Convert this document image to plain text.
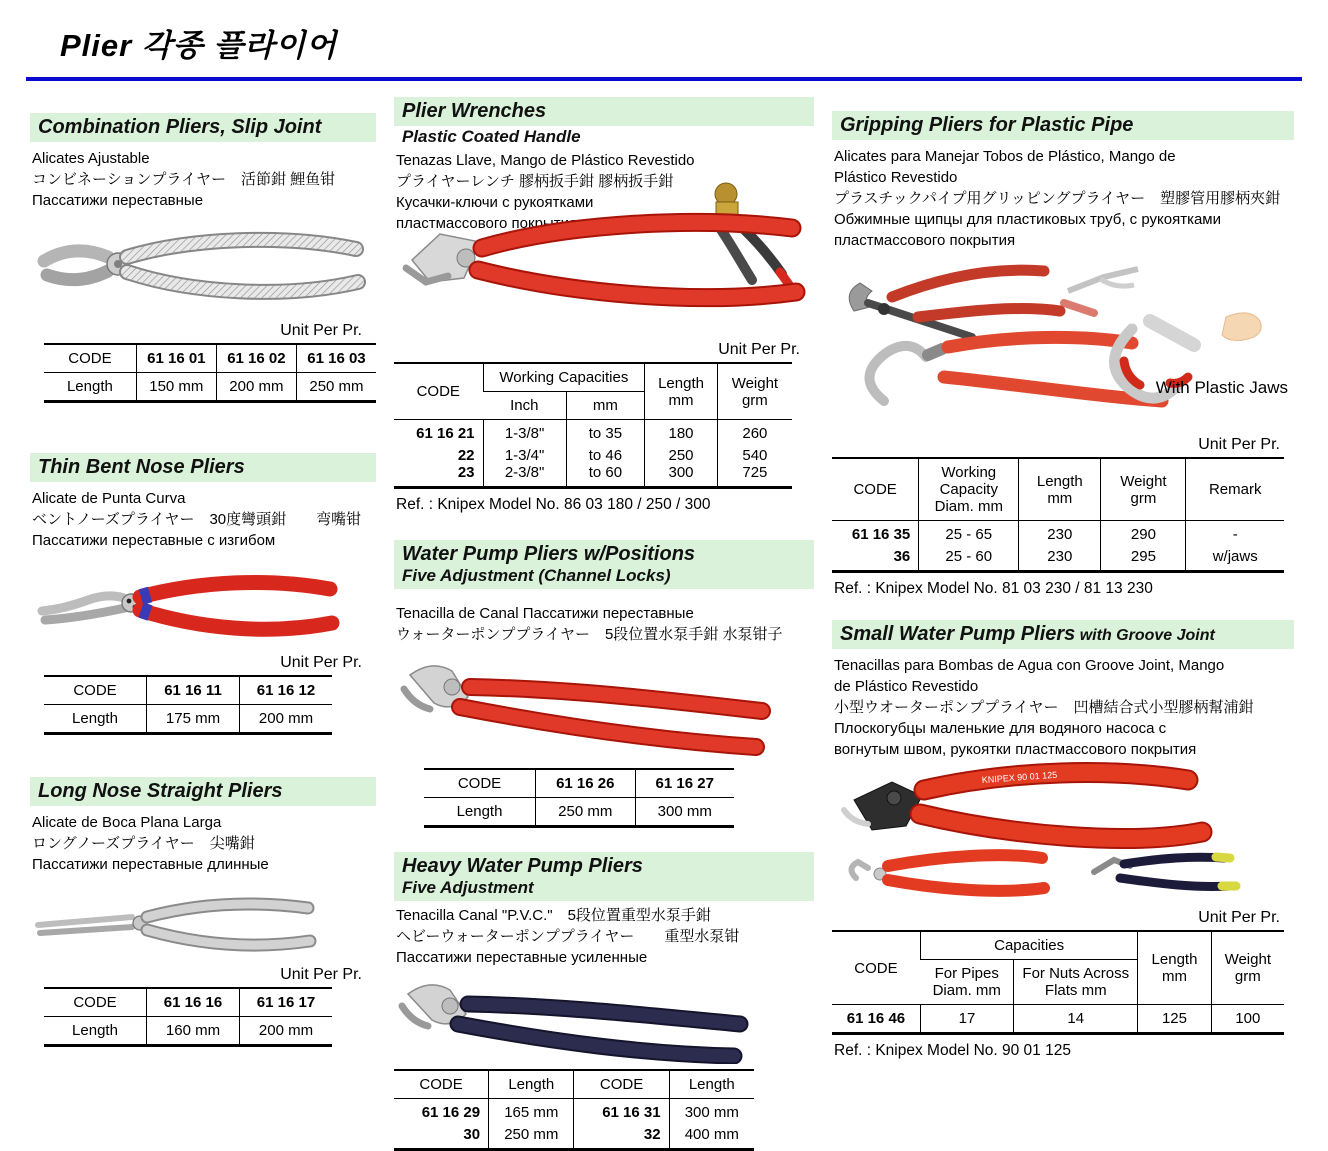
Plier 각종 플라이어
Combination Pliers, Slip Joint
Alicates Ajustable
コンビネーションプライヤー　活節鉗 鯉鱼钳
Пассатижи переставные
Unit Per Pr.
CODE	61 16 01	61 16 02	61 16 03
Length	150 mm	200 mm	250 mm
Thin Bent Nose Pliers
Alicate de Punta Curva
ベントノーズプライヤー　30度彎頭鉗　　弯嘴钳
Пассатижи переставные с изгибом
Unit Per Pr.
CODE	61 16 11	61 16 12
Length	175 mm	200 mm
Long Nose Straight Pliers
Alicate de Boca Plana Larga
ロングノーズプライヤー　尖嘴鉗
Пассатижи переставные длинные
Unit Per Pr.
CODE	61 16 16	61 16 17
Length	160 mm	200 mm
Plier Wrenches
Plastic Coated Handle
Tenazas Llave, Mango de Plástico Revestido
プライヤーレンチ 膠柄扳手鉗 膠柄扳手鉗
Кусачки-ключи с рукоятками
пластмассового покрытия
Unit Per Pr.
CODE	Working Capacities		Length mm	Weight grm
	Inch	mm		
61 16 21	1-3/8"	to 35	180	260
22	1-3/4"	to 46	250	540
23	2-3/8"	to 60	300	725
Ref. : Knipex Model No. 86 03 180 / 250 / 300
Water Pump Pliers w/Positions
Five Adjustment (Channel Locks)
Tenacilla de Canal Пассатижи переставные
ウォーターポンププライヤー　5段位置水泵手鉗 水泵钳子
CODE	61 16 26	61 16 27
Length	250 mm	300 mm
Heavy Water Pump Pliers
Five Adjustment
Tenacilla Canal "P.V.C."　5段位置重型水泵手鉗
ヘビーウォーターポンププライヤー　　重型水泵钳
Пассатижи переставные усиленные
CODE	Length	CODE	Length
61 16 29	165 mm	61 16 31	300 mm
30	250 mm	32	400 mm
Gripping Pliers for Plastic Pipe
Alicates para Manejar Tobos de Plástico, Mango de
Plástico Revestido
プラスチックパイプ用グリッピングプライヤー　塑膠管用膠柄夾鉗
Обжимные щипцы для пластиковых труб, с рукоятками
пластмассового покрытия
With Plastic Jaws
Unit Per Pr.
CODE	Working Capacity Diam. mm	Length mm	Weight grm	Remark
61 16 35	25 - 65	230	290	-
36	25 - 60	230	295	w/jaws
Ref. : Knipex Model No. 81 03 230 / 81 13 230
Small Water Pump Pliers with Groove Joint
Tenacillas para Bombas de Agua con Groove Joint, Mango
de Plástico Revestido
小型ウオーターポンププライヤー　凹槽結合式小型膠柄幫浦鉗
Плоскогубцы маленькие для водяного насоса с
вогнутым швом, рукоятки пластмассового покрытия
KNIPEX 90 01 125
Unit Per Pr.
CODE	Capacities		Length mm	Weight grm
	For Pipes Diam. mm	For Nuts Across Flats mm		
61 16 46	17	14	125	100
Ref. : Knipex Model No. 90 01 125
